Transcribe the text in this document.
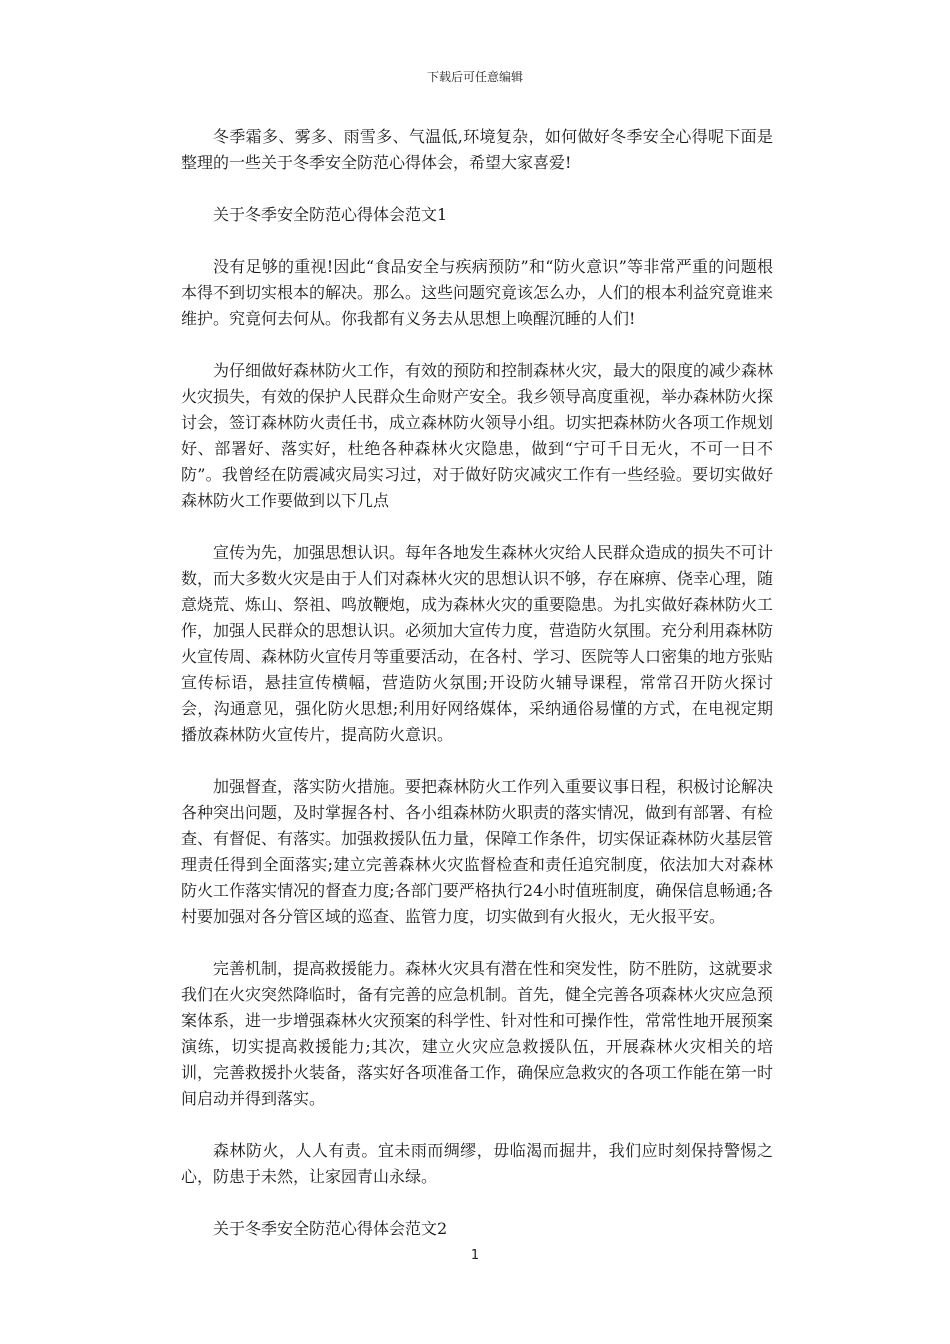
下载后可任意编辑

冬季霜多、雾多、雨雪多、气温低,环境复杂，如何做好冬季安全心得呢下面是整理的一些关于冬季安全防范心得体会，希望大家喜爱!

关于冬季安全防范心得体会范文1

没有足够的重视!因此“食品安全与疾病预防”和“防火意识”等非常严重的问题根本得不到切实根本的解决。那么。这些问题究竟该怎么办，人们的根本利益究竟谁来维护。究竟何去何从。你我都有义务去从思想上唤醒沉睡的人们!

为仔细做好森林防火工作，有效的预防和控制森林火灾，最大的限度的减少森林火灾损失，有效的保护人民群众生命财产安全。我乡领导高度重视，举办森林防火探讨会，签订森林防火责任书，成立森林防火领导小组。切实把森林防火各项工作规划好、部署好、落实好，杜绝各种森林火灾隐患，做到“宁可千日无火，不可一日不防”。我曾经在防震减灾局实习过，对于做好防灾减灾工作有一些经验。要切实做好森林防火工作要做到以下几点

宣传为先，加强思想认识。每年各地发生森林火灾给人民群众造成的损失不可计数，而大多数火灾是由于人们对森林火灾的思想认识不够，存在麻痹、侥幸心理，随意烧荒、炼山、祭祖、鸣放鞭炮，成为森林火灾的重要隐患。为扎实做好森林防火工作，加强人民群众的思想认识。必须加大宣传力度，营造防火氛围。充分利用森林防火宣传周、森林防火宣传月等重要活动，在各村、学习、医院等人口密集的地方张贴宣传标语，悬挂宣传横幅，营造防火氛围;开设防火辅导课程，常常召开防火探讨会，沟通意见，强化防火思想;利用好网络媒体，采纳通俗易懂的方式，在电视定期播放森林防火宣传片，提高防火意识。

加强督查，落实防火措施。要把森林防火工作列入重要议事日程，积极讨论解决各种突出问题，及时掌握各村、各小组森林防火职责的落实情况，做到有部署、有检查、有督促、有落实。加强救援队伍力量，保障工作条件，切实保证森林防火基层管理责任得到全面落实;建立完善森林火灾监督检查和责任追究制度，依法加大对森林防火工作落实情况的督查力度;各部门要严格执行24小时值班制度，确保信息畅通;各村要加强对各分管区域的巡查、监管力度，切实做到有火报火，无火报平安。

完善机制，提高救援能力。森林火灾具有潜在性和突发性，防不胜防，这就要求我们在火灾突然降临时，备有完善的应急机制。首先，健全完善各项森林火灾应急预案体系，进一步增强森林火灾预案的科学性、针对性和可操作性，常常性地开展预案演练，切实提高救援能力;其次，建立火灾应急救援队伍，开展森林火灾相关的培训，完善救援扑火装备，落实好各项准备工作，确保应急救灾的各项工作能在第一时间启动并得到落实。

森林防火，人人有责。宜未雨而绸缪，毋临渴而掘井，我们应时刻保持警惕之心，防患于未然，让家园青山永绿。

关于冬季安全防范心得体会范文2

1
